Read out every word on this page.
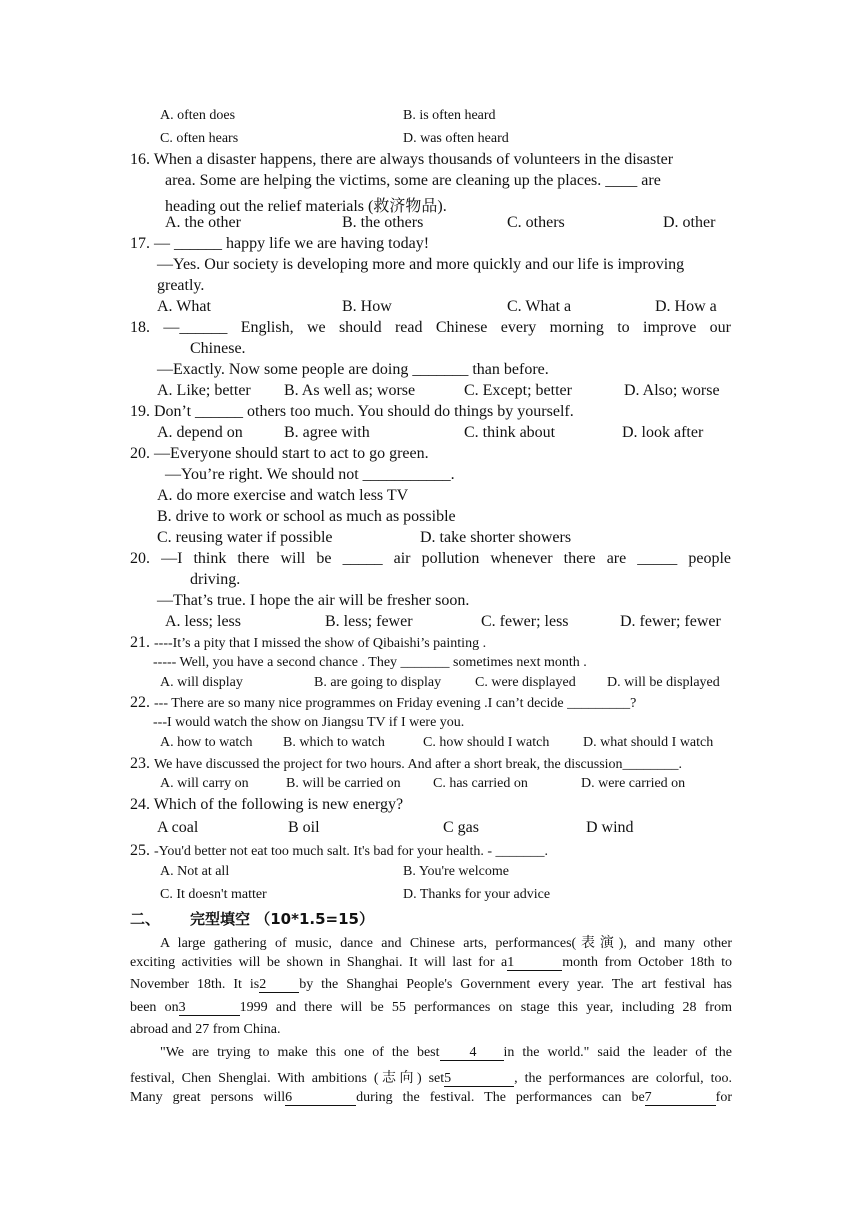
A. often does	B. is often heard
C. often hears	D. was often heard
16. When a disaster happens, there are always thousands of volunteers in the disaster
area. Some are helping the victims, some are cleaning up the places. ____ are
heading out the relief materials (救济物品).
A. the other	B. the others	C. others	D. other
17. — ______ happy life we are having today!
—Yes. Our society is developing more and more quickly and our life is improving
greatly.
A. What	B. How	C. What a	D. How a
18. —______ English, we should read Chinese every morning to improve our
Chinese.
—Exactly. Now some people are doing _______ than before.
A. Like; better B. As well as; worse	C. Except; better	D. Also; worse
19. Don’t ______ others too much. You should do things by yourself.
A. depend on	B. agree with	C. think about	D. look after
20. —Everyone should start to act to go green.
—You’re right. We should not ___________.
A. do more exercise and watch less TV
B. drive to work or school as much as possible
C. reusing water if possible	D. take shorter showers
20. —I think there will be _____ air pollution whenever there are _____ people
driving.
—That’s true. I hope the air will be fresher soon.
A. less; less	B. less; fewer	C. fewer; less	D. fewer; fewer
21. ----It’s a pity that I missed the show of Qibaishi’s painting .
----- Well, you have a second chance . They _______ sometimes next month .
A. will display	B. are going to display C. were displayed D. will be displayed
22. --- There are so many nice programmes on Friday evening .I can’t decide _________?
---I would watch the show on Jiangsu TV if I were you.
A. how to watch B. which to watch	C. how should I watch D. what should I watch
23. We have discussed the project for two hours. And after a short break, the discussion________.
A. will carry on	B. will be carried on C. has carried on	D. were carried on
24. Which of the following is new energy?
A coal	B oil	C gas	D wind
25. -You'd better not eat too much salt. It's bad for your health. - _______.
A. Not at all	B. You're welcome
C. It doesn't matter	D. Thanks for your advice
二、 完型填空 （10*1.5=15）
A large gathering of music, dance and Chinese arts, performances(表演), and many other
exciting activities will be shown in Shanghai. It will last for a1	month from October 18th to
November 18th. It is2 by the Shanghai People's Government every year. The art festival has
been on3	1999 and there will be 55 performances on stage this year, including 28 from
abroad and 27 from China.
"We are trying to make this one of the best 4 in the world." said the leader of the
festival, Chen Shenglai. With ambitions (志向) set5	, the performances are colorful, too.
Many great persons will6	during the festival. The performances can be7	for
